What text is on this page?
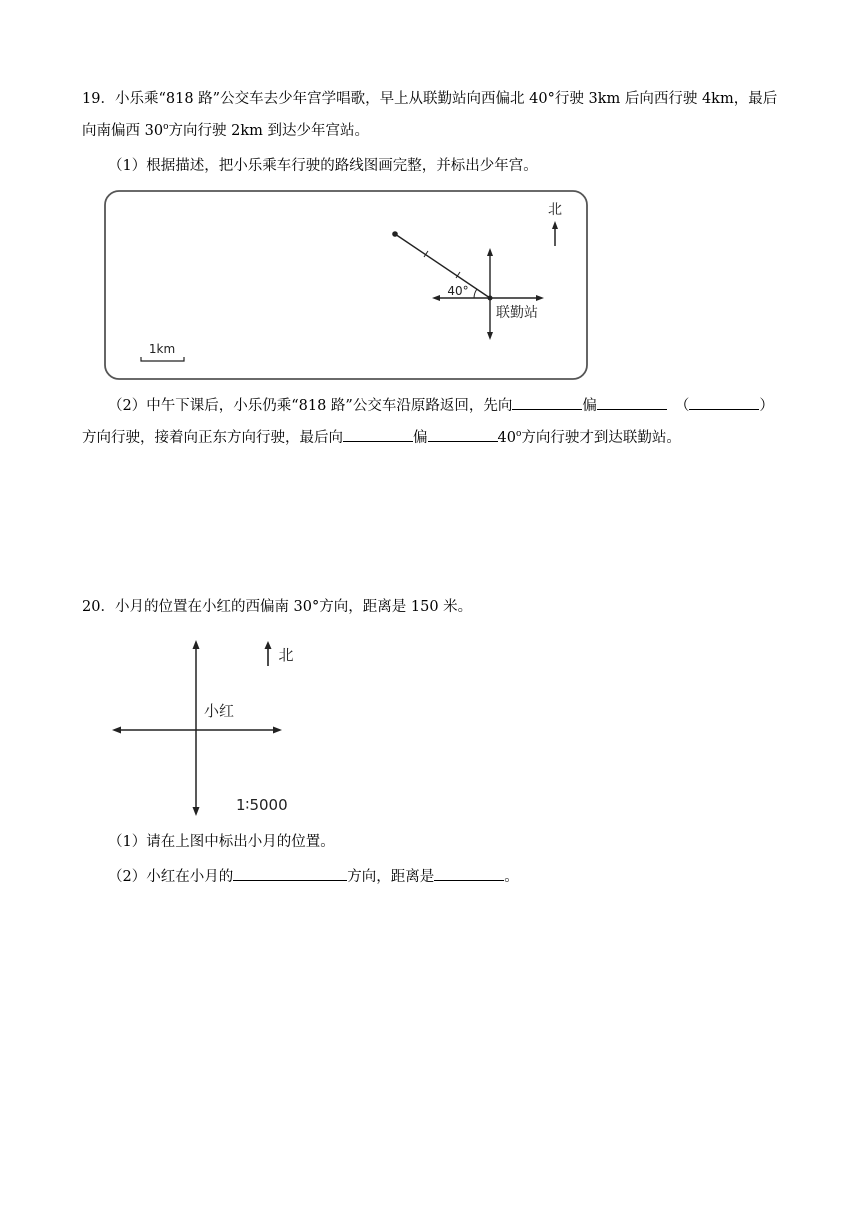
19．小乐乘“818 路”公交车去少年宫学唱歌，早上从联勤站向西偏北 40°行驶 3km 后向西行驶 4km，最后
向南偏西 30$^o$方向行驶 2km 到达少年宫站。
（1）根据描述，把小乐乘车行驶的路线图画完整，并标出少年宫。
北
40°
联勤站
1km
（2）中午下课后，小乐仍乘“818 路”公交车沿原路返回，先向	偏	（	）
方向行驶，接着向正东方向行驶，最后向	偏	40$^o$方向行驶才到达联勤站。
20．小月的位置在小红的西偏南 30°方向，距离是 150 米。
北
小红
1∶5000
（1）请在上图中标出小月的位置。
（2）小红在小月的	方向，距离是	。
